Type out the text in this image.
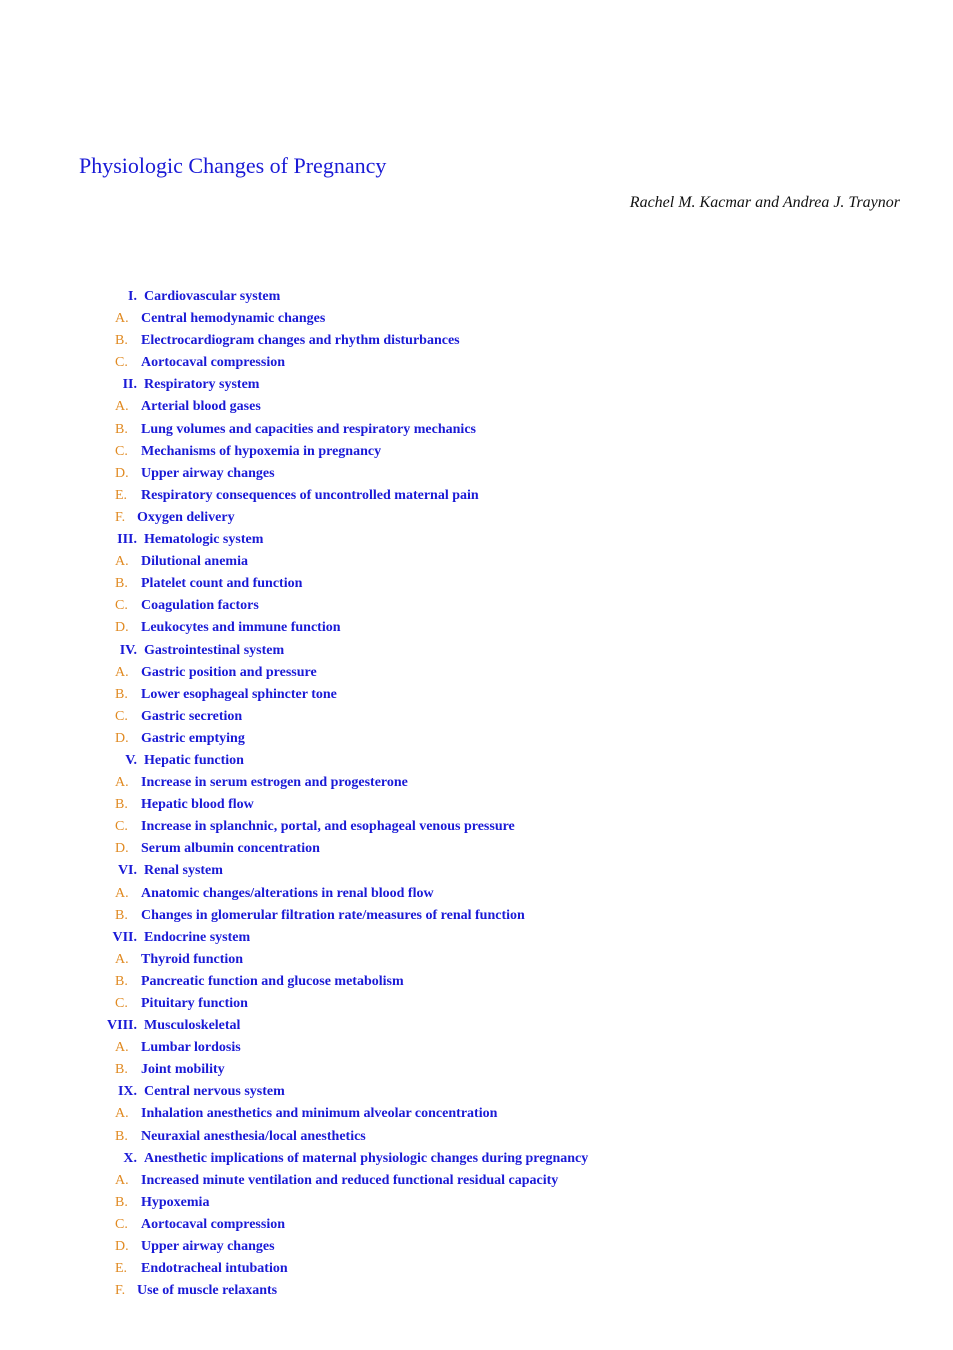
Physiologic Changes of Pregnancy
Rachel M. Kacmar and Andrea J. Traynor
I. Cardiovascular system
A. Central hemodynamic changes
B. Electrocardiogram changes and rhythm disturbances
C. Aortocaval compression
II. Respiratory system
A. Arterial blood gases
B. Lung volumes and capacities and respiratory mechanics
C. Mechanisms of hypoxemia in pregnancy
D. Upper airway changes
E. Respiratory consequences of uncontrolled maternal pain
F. Oxygen delivery
III. Hematologic system
A. Dilutional anemia
B. Platelet count and function
C. Coagulation factors
D. Leukocytes and immune function
IV. Gastrointestinal system
A. Gastric position and pressure
B. Lower esophageal sphincter tone
C. Gastric secretion
D. Gastric emptying
V. Hepatic function
A. Increase in serum estrogen and progesterone
B. Hepatic blood flow
C. Increase in splanchnic, portal, and esophageal venous pressure
D. Serum albumin concentration
VI. Renal system
A. Anatomic changes/alterations in renal blood flow
B. Changes in glomerular filtration rate/measures of renal function
VII. Endocrine system
A. Thyroid function
B. Pancreatic function and glucose metabolism
C. Pituitary function
VIII. Musculoskeletal
A. Lumbar lordosis
B. Joint mobility
IX. Central nervous system
A. Inhalation anesthetics and minimum alveolar concentration
B. Neuraxial anesthesia/local anesthetics
X. Anesthetic implications of maternal physiologic changes during pregnancy
A. Increased minute ventilation and reduced functional residual capacity
B. Hypoxemia
C. Aortocaval compression
D. Upper airway changes
E. Endotracheal intubation
F. Use of muscle relaxants
